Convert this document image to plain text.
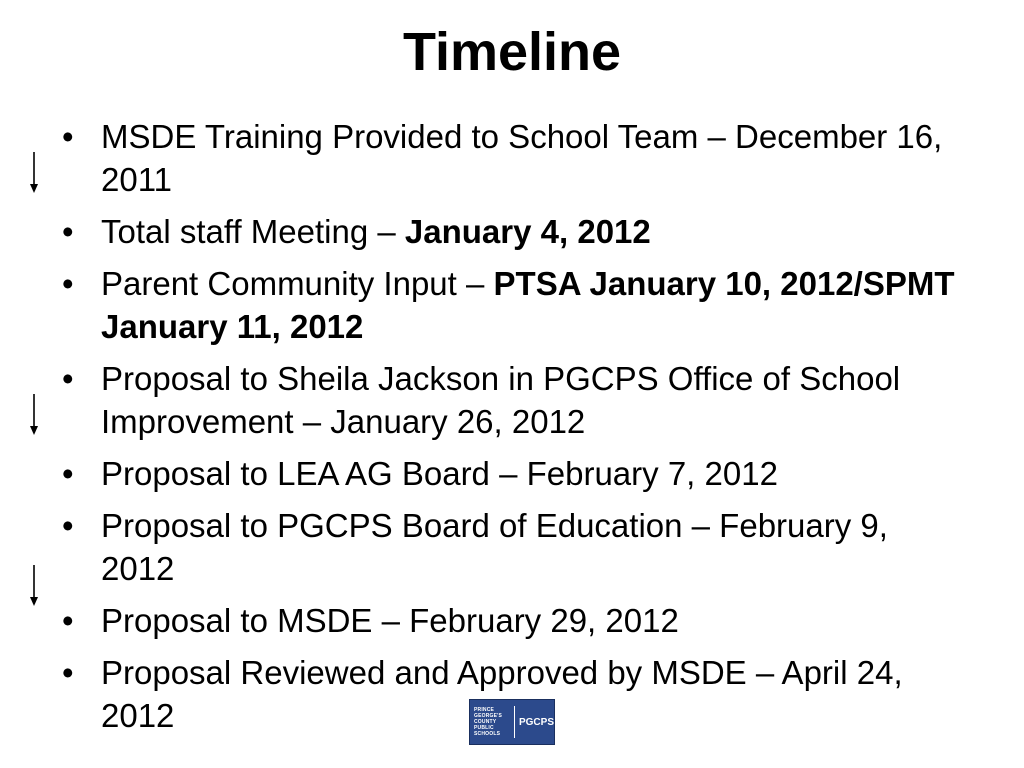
Timeline
• MSDE Training Provided to School Team – December 16, 2011
• Total staff Meeting – January 4, 2012
• Parent Community Input – PTSA January 10, 2012/SPMT January 11, 2012
• Proposal to Sheila Jackson in PGCPS Office of School Improvement – January 26, 2012
• Proposal to LEA AG Board – February 7, 2012
• Proposal to PGCPS Board of Education – February 9, 2012
• Proposal to MSDE – February 29, 2012
• Proposal Reviewed and Approved by MSDE – April 24, 2012	PRINCE
GEORGE'S
COUNTY
PUBLIC
SCHOOLS
PGCPS
